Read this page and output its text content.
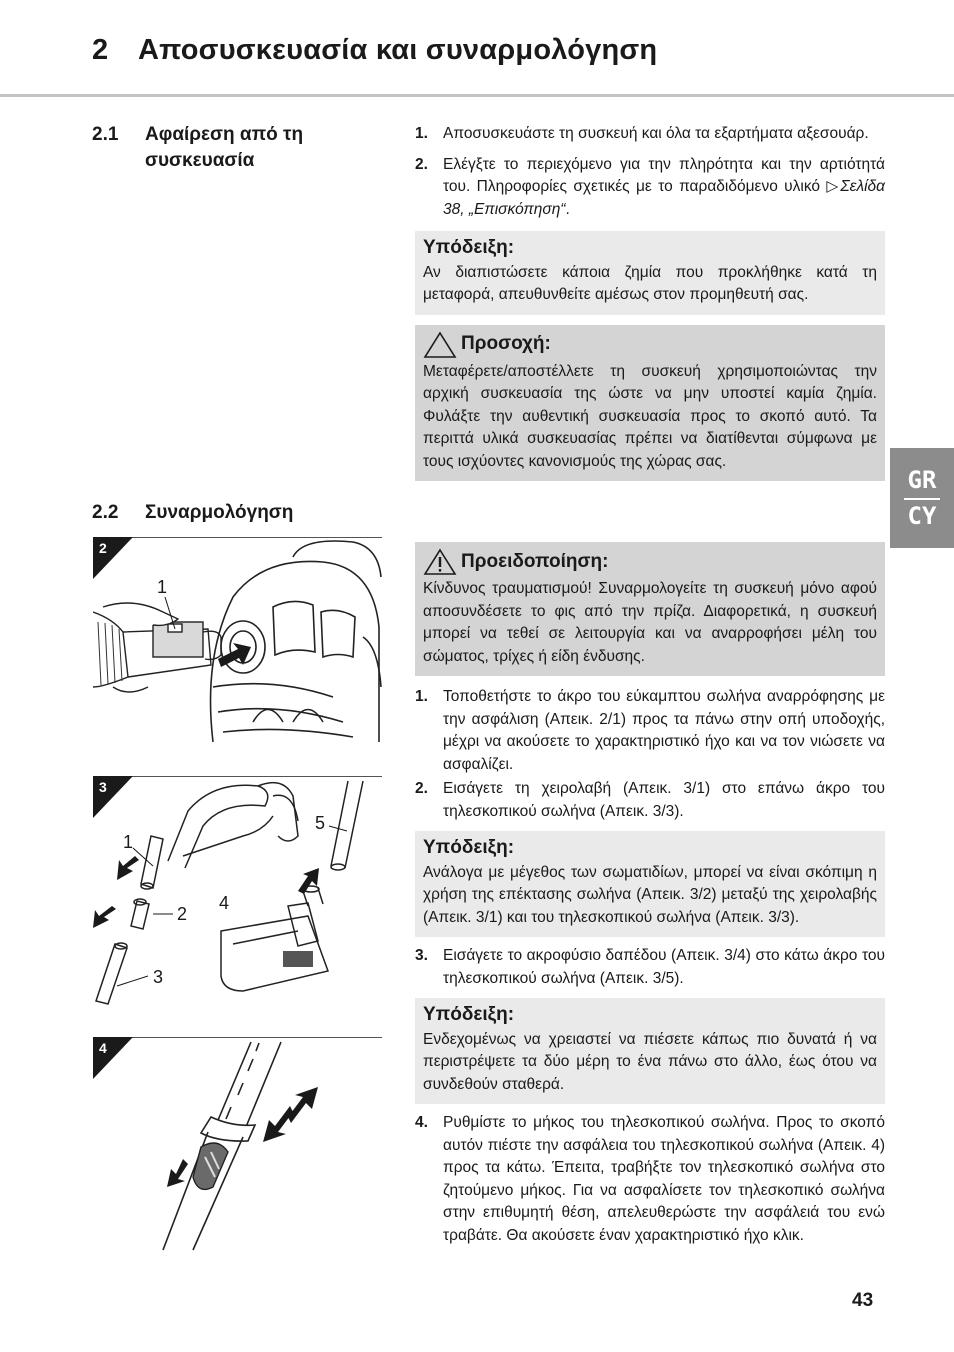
2 Αποσυσκευασία και συναρμολόγηση
2.1 Αφαίρεση από τη συσκευασία
1. Αποσυσκευάστε τη συσκευή και όλα τα εξαρτήματα αξεσουάρ.
2. Ελέγξτε το περιεχόμενο για την πληρότητα και την αρτιότητά του. Πληροφορίες σχετικές με το παραδιδόμενο υλικό ▷Σελίδα 38, „Επισκόπηση“.
Υπόδειξη:

Αν διαπιστώσετε κάποια ζημία που προκλήθηκε κατά τη μεταφορά, απευθυνθείτε αμέσως στον προμηθευτή σας.

Προσοχή:

Μεταφέρετε/αποστέλλετε τη συσκευή χρησιμοποιώντας την αρχική συσκευασία της ώστε να μην υποστεί καμία ζημία. Φυλάξτε την αυθεντική συσκευασία προς το σκοπό αυτό. Τα περιττά υλικά συσκευασίας πρέπει να διατίθενται σύμφωνα με τους ισχύοντες κανονισμούς της χώρας σας.

2.2 Συναρμολόγηση
Προειδοποίηση:

Κίνδυνος τραυματισμού! Συναρμολογείτε τη συσκευή μόνο αφού αποσυνδέσετε το φις από την πρίζα. Διαφορετικά, η συσκευή μπορεί να τεθεί σε λειτουργία και να αναρροφήσει μέλη του σώματος, τρίχες ή είδη ένδυσης.

1. Τοποθετήστε το άκρο του εύκαμπτου σωλήνα αναρρόφησης με την ασφάλιση (Απεικ. 2/1) προς τα πάνω στην οπή υποδοχής, μέχρι να ακούσετε το χαρακτηριστικό ήχο και να τον νιώσετε να ασφαλίζει.
2. Εισάγετε τη χειρολαβή (Απεικ. 3/1) στο επάνω άκρο του τηλεσκοπικού σωλήνα (Απεικ. 3/3).
Υπόδειξη:

Ανάλογα με μέγεθος των σωματιδίων, μπορεί να είναι σκόπιμη η χρήση της επέκτασης σωλήνα (Απεικ. 3/2) μεταξύ της χειρολαβής (Απεικ. 3/1) και του τηλεσκοπικού σωλήνα (Απεικ. 3/3).

3. Εισάγετε το ακροφύσιο δαπέδου (Απεικ. 3/4) στο κάτω άκρο του τηλεσκοπικού σωλήνα (Απεικ. 3/5).
Υπόδειξη:

Ενδεχομένως να χρειαστεί να πιέσετε κάπως πιο δυνατά ή να περιστρέψετε τα δύο μέρη το ένα πάνω στο άλλο, έως ότου να συνδεθούν σταθερά.

4. Ρυθμίστε το μήκος του τηλεσκοπικού σωλήνα. Προς το σκοπό αυτόν πιέστε την ασφάλεια του τηλεσκοπικού σωλήνα (Απεικ. 4) προς τα κάτω. Έπειτα, τραβήξτε τον τηλεσκοπικό σωλήνα στο ζητούμενο μήκος. Για να ασφαλίσετε τον τηλεσκοπικό σωλήνα στην επιθυμητή θέση, απελευθερώστε την ασφάλειά του ενώ τραβάτε. Θα ακούσετε έναν χαρακτηριστικό ήχο κλικ.
2
1
3
1
2
3
4
5
4
GR
CY
43
